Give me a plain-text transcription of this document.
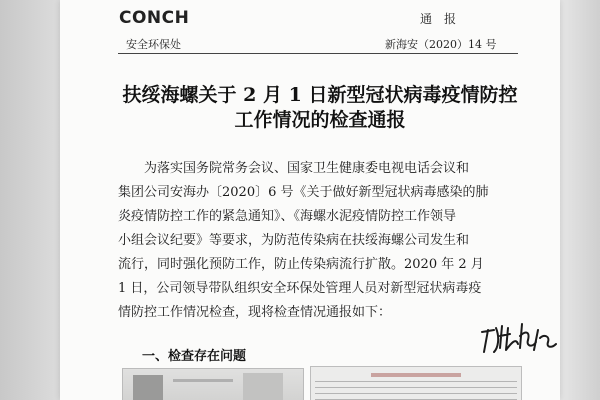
CONCH	通报
安全环保处	新海安（2020）14 号
扶绥海螺关于 2 月 1 日新型冠状病毒疫情防控
工作情况的检查通报
为落实国务院常务会议、国家卫生健康委电视电话会议和
集团公司安海办〔2020〕6 号《关于做好新型冠状病毒感染的肺
炎疫情防控工作的紧急通知》、《海螺水泥疫情防控工作领导
小组会议纪要》等要求，为防范传染病在扶绥海螺公司发生和
流行，同时强化预防工作，防止传染病流行扩散。2020 年 2 月
1 日，公司领导带队组织安全环保处管理人员对新型冠状病毒疫
情防控工作情况检查，现将检查情况通报如下：
一、检查存在问题
